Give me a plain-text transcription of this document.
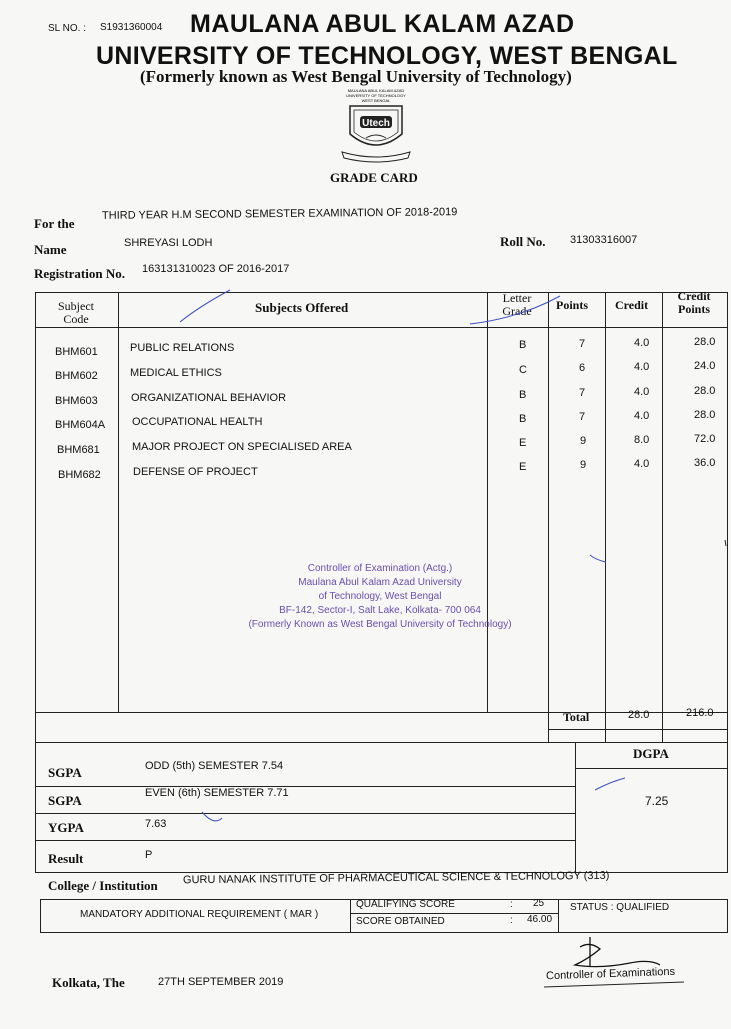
SL NO. : S1931360004 MAULANA ABUL KALAM AZAD
UNIVERSITY OF TECHNOLOGY, WEST BENGAL
(Formerly known as West Bengal University of Technology)
MAULANA ABUL KALAM AZAD
UNIVERSITY OF TECHNOLOGY
WEST BENGAL
Utech
GRADE CARD
For the
THIRD YEAR H.M SECOND SEMESTER EXAMINATION OF 2018-2019
Name	SHREYASI LODH	Roll No. 31303316007
Registration No. 163131310023 OF 2016-2017
Subject Code
Subjects Offered
Letter Grade	Points Credit
Credit Points
BHM601	PUBLIC RELATIONS	B	7	4.0	28.0
BHM602	MEDICAL ETHICS	C	6	4.0	24.0
BHM603	ORGANIZATIONAL BEHAVIOR	B	7	4.0	28.0
BHM604A OCCUPATIONAL HEALTH	B	7	4.0	28.0
BHM681	MAJOR PROJECT ON SPECIALISED AREA	E	9	8.0	72.0
BHM682	DEFENSE OF PROJECT	E	9	4.0	36.0
Controller of Examination (Actg.)
Maulana Abul Kalam Azad University
of Technology, West Bengal
BF-142, Sector-I, Salt Lake, Kolkata- 700 064
(Formerly Known as West Bengal University of Technology)
Total	28.0	216.0
SGPA	ODD (5th) SEMESTER 7.54
SGPA	EVEN (6th) SEMESTER 7.71
YGPA	7.63
DGPA
7.25
Result	P
College / Institution GURU NANAK INSTITUTE OF PHARMACEUTICAL SCIENCE & TECHNOLOGY (313)
MANDATORY ADDITIONAL REQUIREMENT ( MAR )
QUALIFYING SCORE	: 25
SCORE OBTAINED	: 46.00
STATUS : QUALIFIED
Kolkata, The	27TH SEPTEMBER 2019	Controller of Examinations
